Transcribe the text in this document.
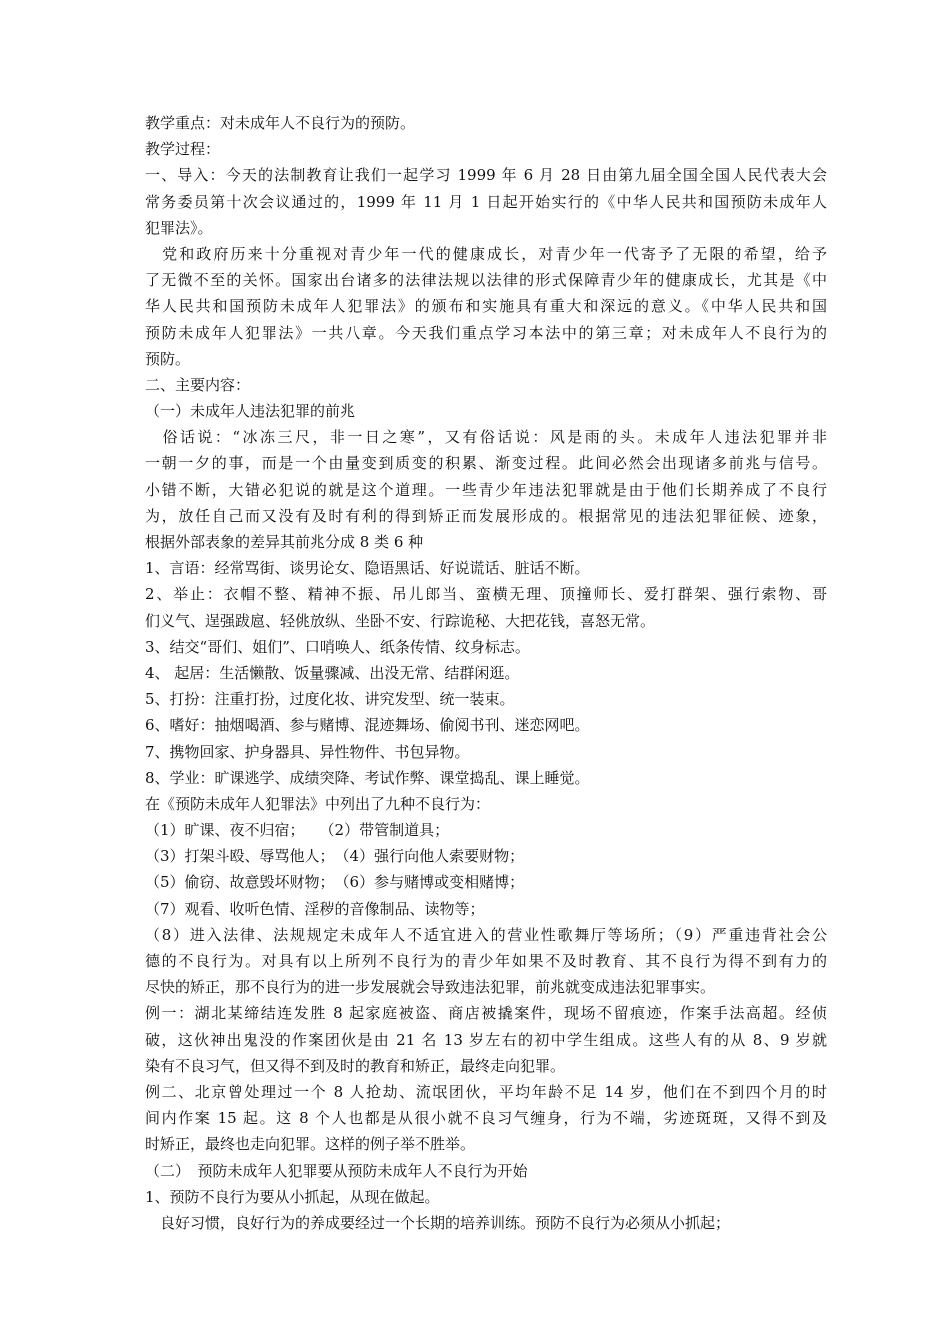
教学重点：对未成年人不良行为的预防。
教学过程：
一、导入：今天的法制教育让我们一起学习 1999 年 6 月 28 日由第九届全国全国人民代表大会
常务委员第十次会议通过的，1999 年 11 月 1 日起开始实行的《中华人民共和国预防未成年人
犯罪法》。
　党和政府历来十分重视对青少年一代的健康成长，对青少年一代寄予了无限的希望，给予
了无微不至的关怀。国家出台诸多的法律法规以法律的形式保障青少年的健康成长，尤其是《中
华人民共和国预防未成年人犯罪法》的颁布和实施具有重大和深远的意义。《中华人民共和国
预防未成年人犯罪法》一共八章。今天我们重点学习本法中的第三章；对未成年人不良行为的
预防。
二、主要内容：
（一）未成年人违法犯罪的前兆
　俗话说：“冰冻三尺，非一日之寒”，又有俗话说：风是雨的头。未成年人违法犯罪并非
一朝一夕的事，而是一个由量变到质变的积累、渐变过程。此间必然会出现诸多前兆与信号。
小错不断，大错必犯说的就是这个道理。一些青少年违法犯罪就是由于他们长期养成了不良行
为，放任自己而又没有及时有利的得到矫正而发展形成的。根据常见的违法犯罪征候、迹象，
根据外部表象的差异其前兆分成 8 类 6 种
1、言语：经常骂街、谈男论女、隐语黑话、好说谎话、脏话不断。
2、举止：衣帽不整、精神不振、吊儿郎当、蛮横无理、顶撞师长、爱打群架、强行索物、哥
们义气、逞强跋扈、轻佻放纵、坐卧不安、行踪诡秘、大把花钱，喜怒无常。
3、结交“哥们、姐们”、口哨唤人、纸条传情、纹身标志。
4、 起居：生活懒散、饭量骤减、出没无常、结群闲逛。
5、打扮：注重打扮，过度化妆、讲究发型、统一装束。
6、嗜好：抽烟喝酒、参与赌博、混迹舞场、偷阅书刊、迷恋网吧。
7、携物回家、护身器具、异性物件、书包异物。
8、学业：旷课逃学、成绩突降、考试作弊、课堂捣乱、课上睡觉。
在《预防未成年人犯罪法》中列出了九种不良行为：
（1）旷课、夜不归宿；　　（2）带管制道具；
（3）打架斗殴、辱骂他人；　（4）强行向他人索要财物；
（5）偷窃、故意毁坏财物；　（6）参与赌博或变相赌博；
（7）观看、收听色情、淫秽的音像制品、读物等；
（8）进入法律、法规规定未成年人不适宜进入的营业性歌舞厅等场所；（9）严重违背社会公
德的不良行为。对具有以上所列不良行为的青少年如果不及时教育、其不良行为得不到有力的
尽快的矫正，那不良行为的进一步发展就会导致违法犯罪，前兆就变成违法犯罪事实。
例一：湖北某缔结连发胜 8 起家庭被盗、商店被撬案件，现场不留痕迹，作案手法高超。经侦
破，这伙神出鬼没的作案团伙是由 21 名 13 岁左右的初中学生组成。这些人有的从 8、9 岁就
染有不良习气，但又得不到及时的教育和矫正，最终走向犯罪。
例二、北京曾处理过一个 8 人抢劫、流氓团伙，平均年龄不足 14 岁，他们在不到四个月的时
间内作案 15 起。这 8 个人也都是从很小就不良习气缠身，行为不端，劣迹斑斑，又得不到及
时矫正，最终也走向犯罪。这样的例子举不胜举。
（二）　预防未成年人犯罪要从预防未成年人不良行为开始
1、预防不良行为要从小抓起，从现在做起。
　良好习惯，良好行为的养成要经过一个长期的培养训练。预防不良行为必须从小抓起；
